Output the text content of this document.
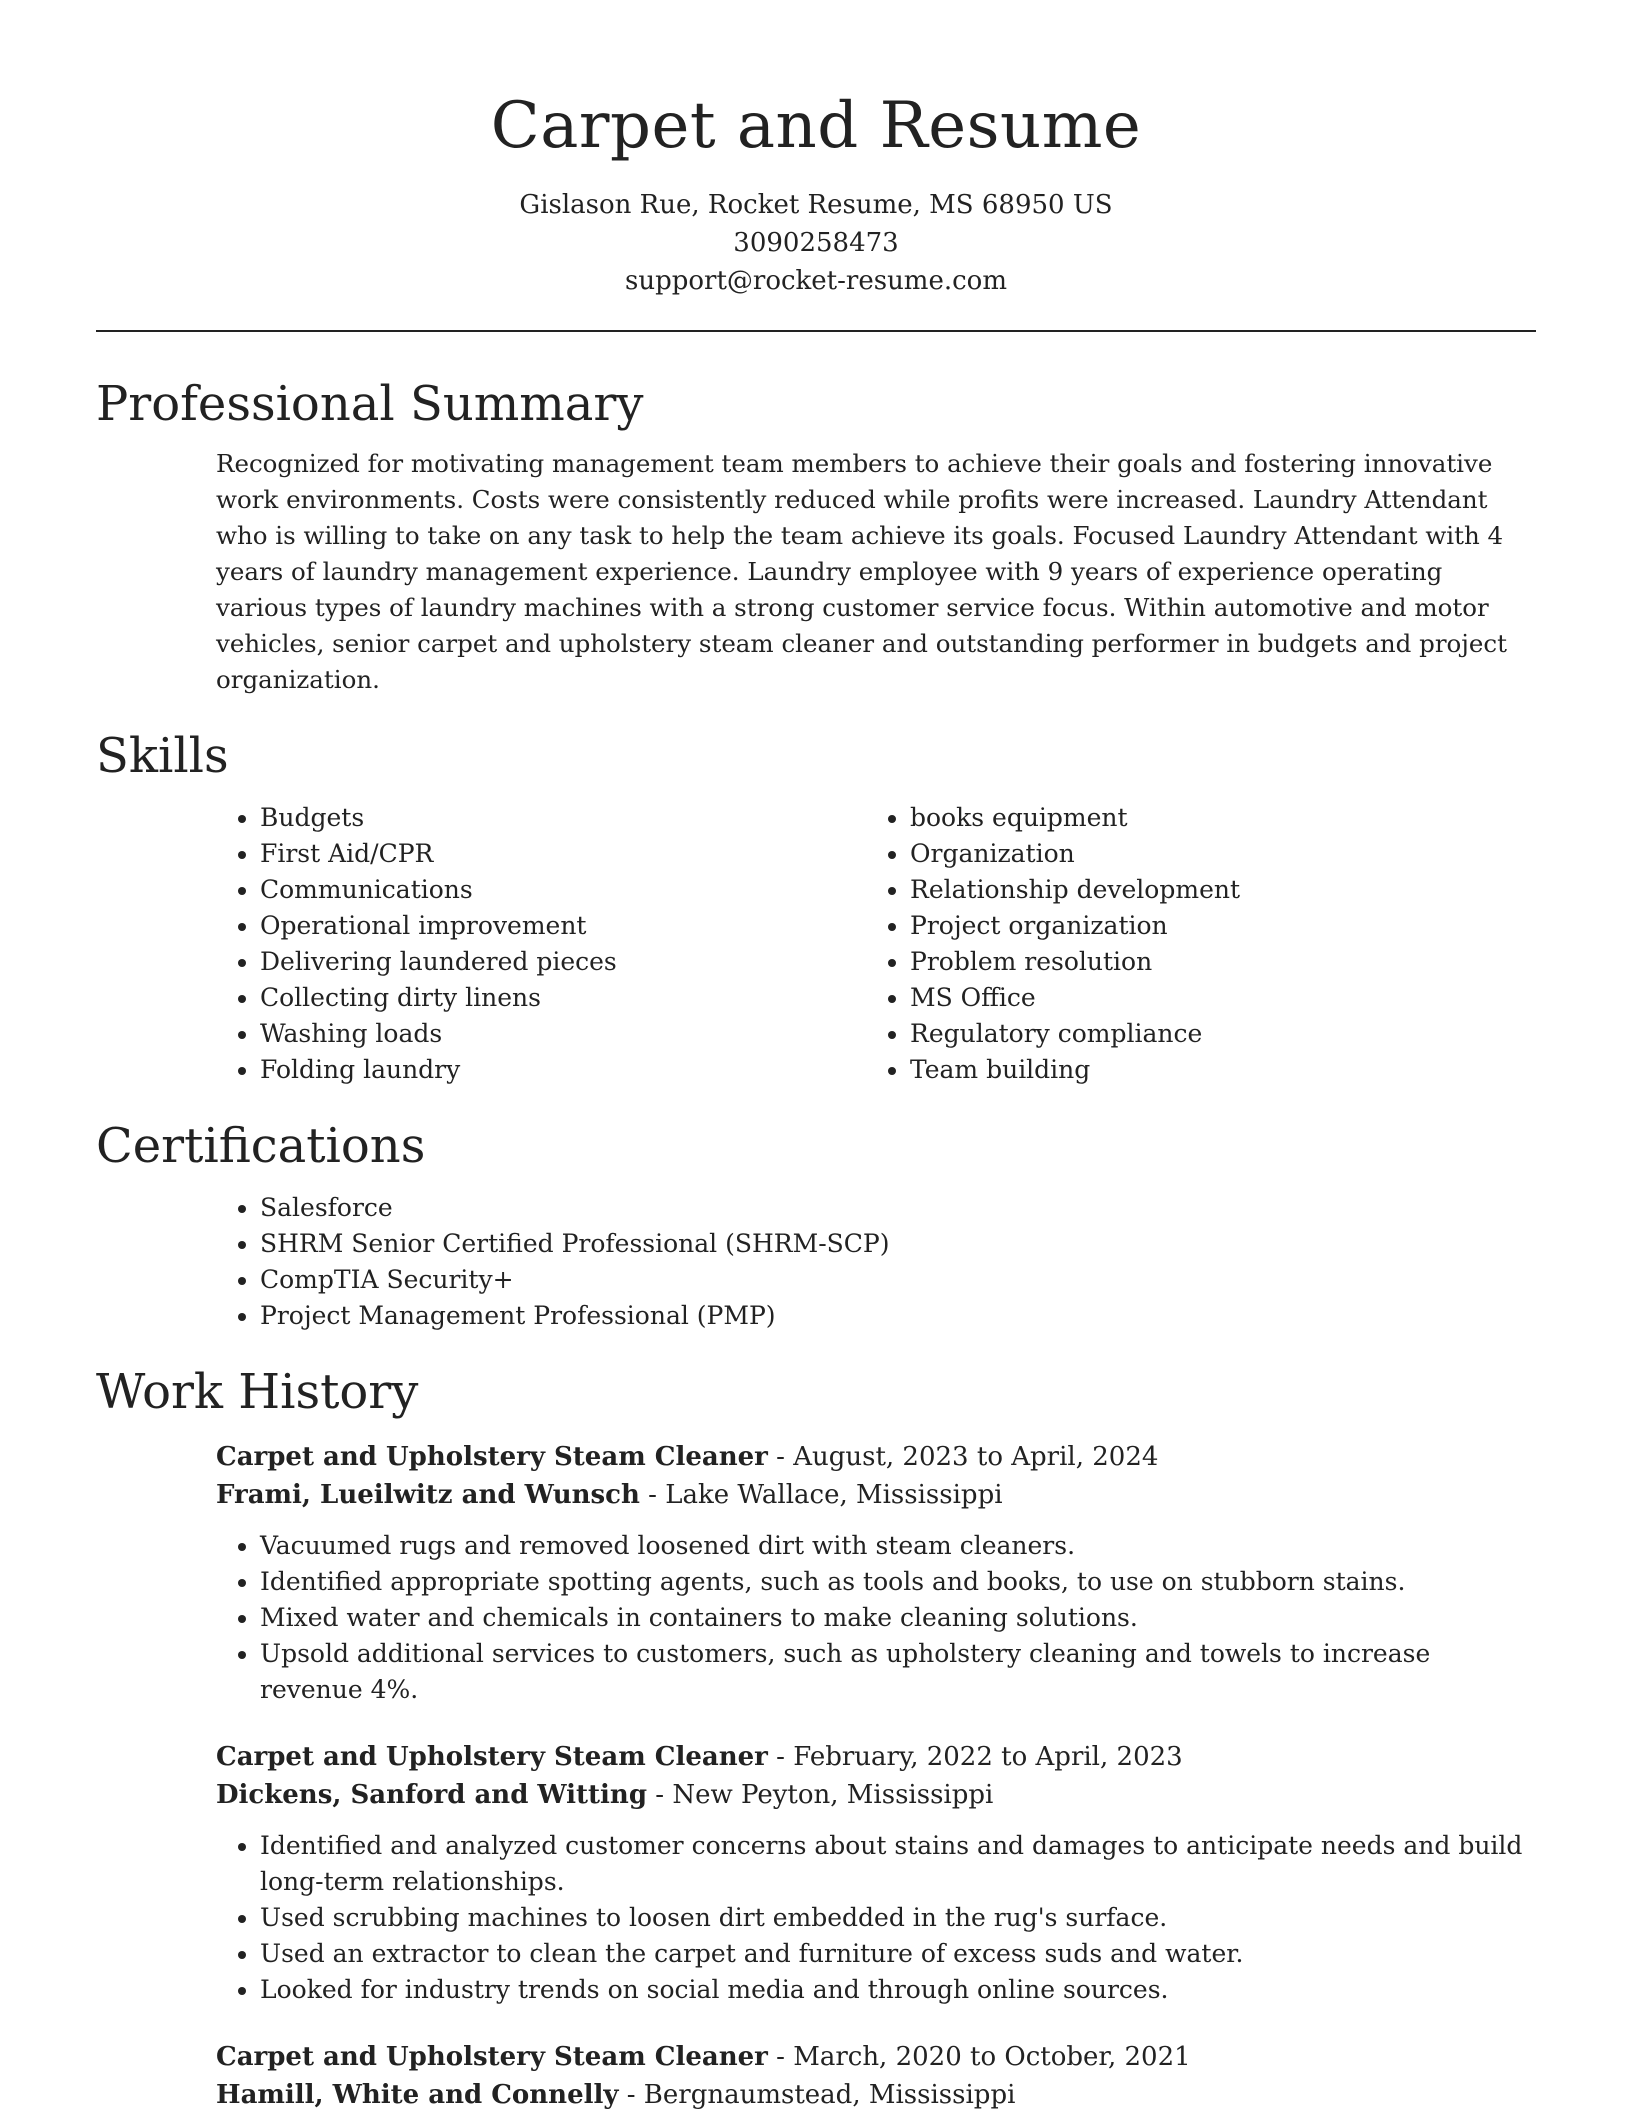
Carpet and Resume
Gislason Rue, Rocket Resume, MS 68950 US
3090258473
support@rocket-resume.com
Professional Summary

Recognized for motivating management team members to achieve their goals and fostering innovative work environments. Costs were consistently reduced while profits were increased. Laundry Attendant who is willing to take on any task to help the team achieve its goals. Focused Laundry Attendant with 4 years of laundry management experience. Laundry employee with 9 years of experience operating various types of laundry machines with a strong customer service focus. Within automotive and motor vehicles, senior carpet and upholstery steam cleaner and outstanding performer in budgets and project organization.

Skills
• Budgets
• First Aid/CPR
• Communications
• Operational improvement
• Delivering laundered pieces
• Collecting dirty linens
• Washing loads
• Folding laundry
• books equipment
• Organization
• Relationship development
• Project organization
• Problem resolution
• MS Office
• Regulatory compliance
• Team building
Certifications
• Salesforce
• SHRM Senior Certified Professional (SHRM-SCP)
• CompTIA Security+
• Project Management Professional (PMP)
Work History
Carpet and Upholstery Steam Cleaner - August, 2023 to April, 2024
Frami, Lueilwitz and Wunsch - Lake Wallace, Mississippi
• Vacuumed rugs and removed loosened dirt with steam cleaners.
• Identified appropriate spotting agents, such as tools and books, to use on stubborn stains.
• Mixed water and chemicals in containers to make cleaning solutions.
• Upsold additional services to customers, such as upholstery cleaning and towels to increase revenue 4%.
Carpet and Upholstery Steam Cleaner - February, 2022 to April, 2023
Dickens, Sanford and Witting - New Peyton, Mississippi
• Identified and analyzed customer concerns about stains and damages to anticipate needs and build long-term relationships.
• Used scrubbing machines to loosen dirt embedded in the rug's surface.
• Used an extractor to clean the carpet and furniture of excess suds and water.
• Looked for industry trends on social media and through online sources.
Carpet and Upholstery Steam Cleaner - March, 2020 to October, 2021
Hamill, White and Connelly - Bergnaumstead, Mississippi
